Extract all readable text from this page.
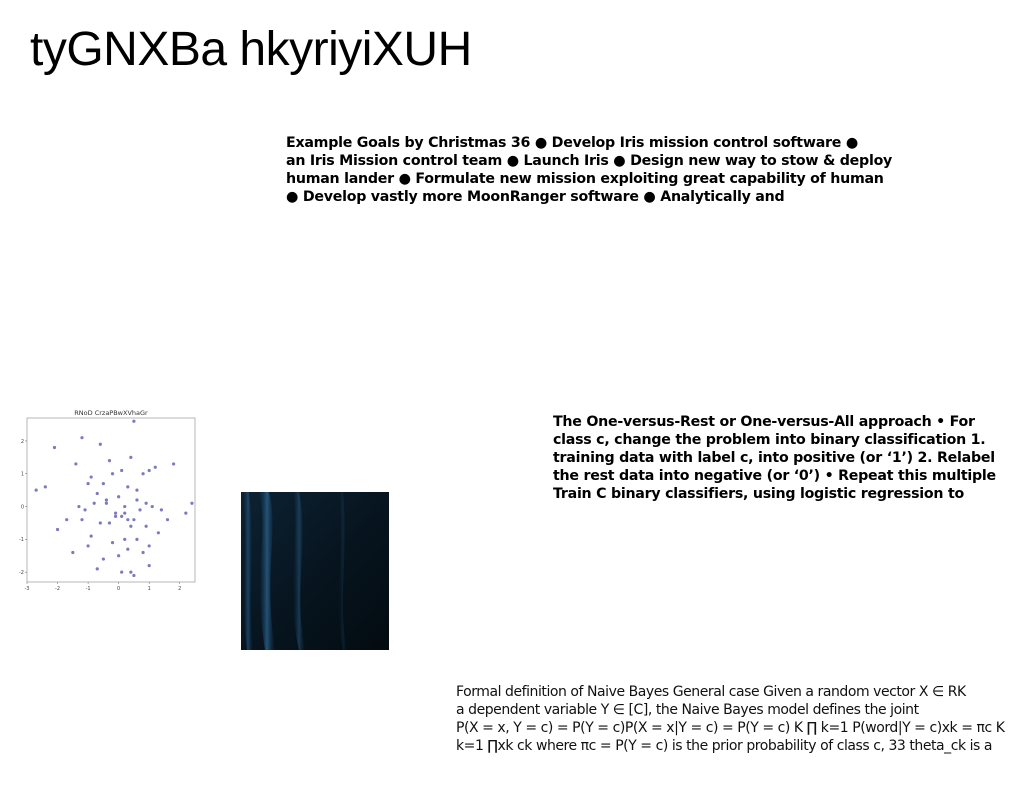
tyGNXBa hkyriyiXUH
Example Goals by Christmas 36 ● Develop Iris mission control software ●
an Iris Mission control team ● Launch Iris ● Design new way to stow & deploy
human lander ● Formulate new mission exploiting great capability of human
● Develop vastly more MoonRanger software ● Analytically and
RNoD CrzaPBwXVhaGr
-3	-2	-1	0	1	2
-2
-1
0
1
2
The One-versus-Rest or One-versus-All approach • For
class c, change the problem into binary classification 1.
training data with label c, into positive (or ‘1’) 2. Relabel
the rest data into negative (or ‘0’) • Repeat this multiple
Train C binary classifiers, using logistic regression to
Formal definition of Naive Bayes General case Given a random vector X ∈ RK
a dependent variable Y ∈ [C], the Naive Bayes model defines the joint
P(X = x, Y = c) = P(Y = c)P(X = x|Y = c) = P(Y = c) K ∏ k=1 P(word|Y = c)xk = πc K
k=1 ∏xk ck where πc = P(Y = c) is the prior probability of class c, 33 theta_ck is a
